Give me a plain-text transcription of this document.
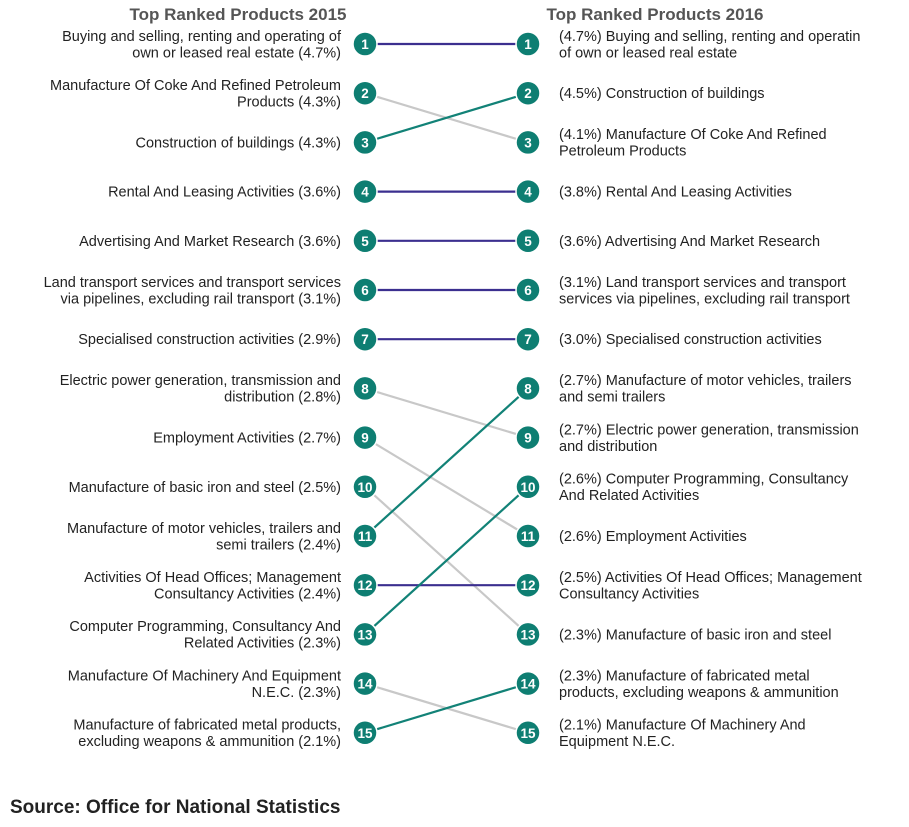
Top Ranked Products 2015	Top Ranked Products 2016
1
2
3
4
5
6
7
8
9
10
11
12
13
14
15
1
2
3
4
5
6
7
8
9
10
11
12
13
14
15
Buying and selling, renting and operating of own or leased real estate (4.7%)
Manufacture Of Coke And Refined Petroleum Products (4.3%)
Construction of buildings (4.3%)
Rental And Leasing Activities (3.6%)
Advertising And Market Research (3.6%)
Land transport services and transport services via pipelines, excluding rail transport (3.1%)
Specialised construction activities (2.9%)
Electric power generation, transmission and distribution (2.8%)
Employment Activities (2.7%)
Manufacture of basic iron and steel (2.5%)
Manufacture of motor vehicles, trailers and semi trailers (2.4%)
Activities Of Head Offices; Management Consultancy Activities (2.4%)
Computer Programming, Consultancy And Related Activities (2.3%)
Manufacture Of Machinery And Equipment N.E.C. (2.3%)
Manufacture of fabricated metal products, excluding weapons & ammunition (2.1%)
(4.7%) Buying and selling, renting and operatin of own or leased real estate
(4.5%) Construction of buildings
(4.1%) Manufacture Of Coke And Refined Petroleum Products
(3.8%) Rental And Leasing Activities
(3.6%) Advertising And Market Research
(3.1%) Land transport services and transport services via pipelines, excluding rail transport
(3.0%) Specialised construction activities
(2.7%) Manufacture of motor vehicles, trailers and semi trailers
(2.7%) Electric power generation, transmission and distribution
(2.6%) Computer Programming, Consultancy And Related Activities
(2.6%) Employment Activities
(2.5%) Activities Of Head Offices; Management Consultancy Activities
(2.3%) Manufacture of basic iron and steel
(2.3%) Manufacture of fabricated metal products, excluding weapons & ammunition
(2.1%) Manufacture Of Machinery And Equipment N.E.C.
Source: Office for National Statistics
